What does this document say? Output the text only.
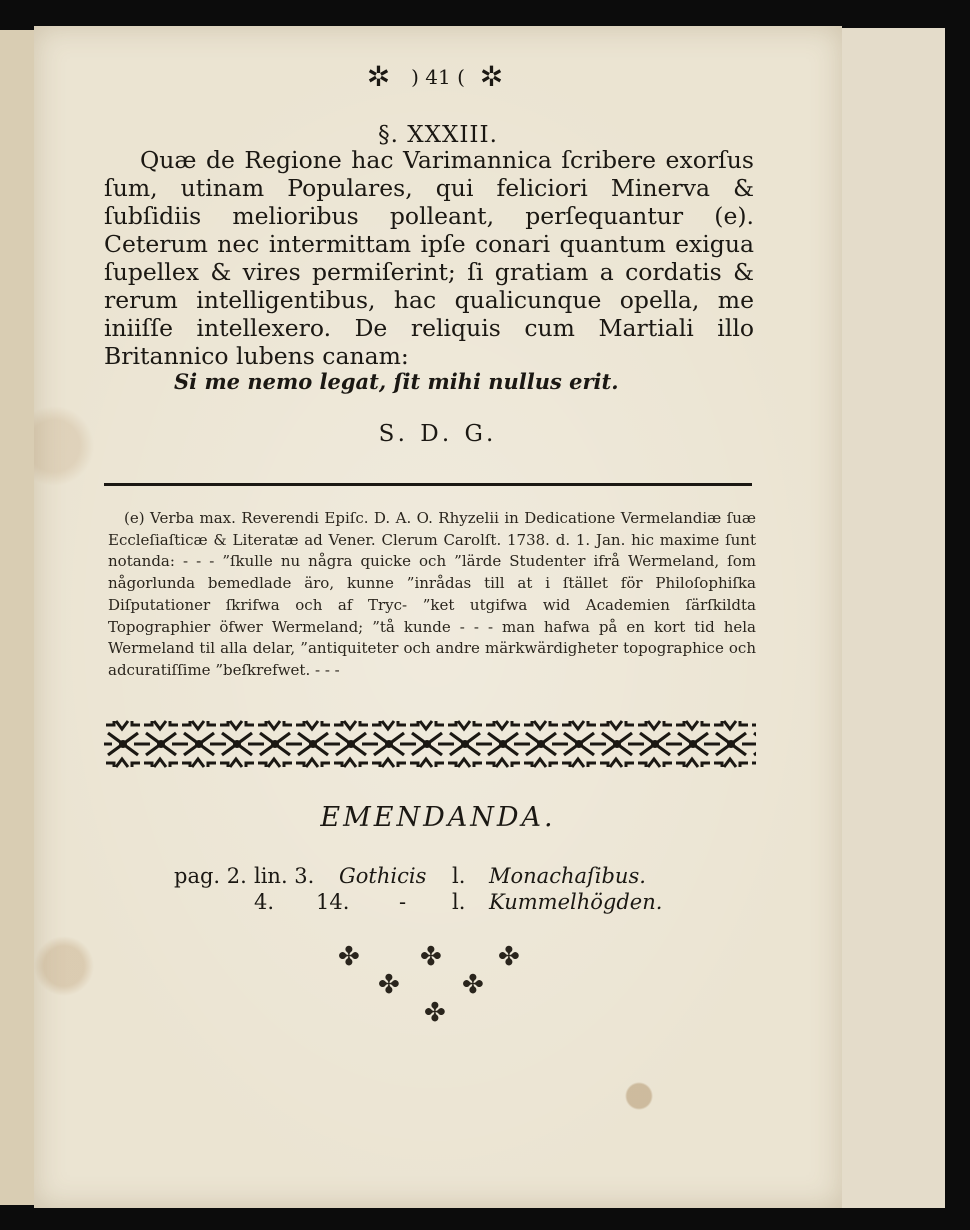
✲ ) 41 ( ✲
§. XXXIII.

Quæ de Regione hac Varimannica ſcribere exorſus ſum, utinam Populares, qui feliciori Minerva & ſubſidiis melioribus polleant, perſequantur (e). Ceterum nec intermittam ipſe conari quantum exigua ſupellex & vires permiſerint; ſi gratiam a cordatis & rerum intelligentibus, hac qualicunque opella, me iniiſſe intellexero. De reliquis cum Martiali illo Britannico lubens canam:

Si me nemo legat, ſit mihi nullus erit.
S. D. G.

(e) Verba max. Reverendi Epiſc. D. A. O. Rhyzelii in Dedicatione Vermelandiæ ſuæ Eccleſiaſticæ & Literatæ ad Vener. Clerum Carolſt. 1738. d. 1. Jan. hic maxime ſunt notanda: - - - ”ſkulle nu några quicke och ”lärde Studenter ifrå Wermeland, ſom någorlunda bemedlade äro, kunne ”inrådas till at i ſtället för Philoſophiſka Diſputationer ſkrifwa och af Tryc- ”ket utgifwa wid Academien ſärſkildta Topographier öfwer Wermeland; ”tå kunde - - - man hafwa på en kort tid hela Wermeland til alla delar, ”antiquiteter och andre märkwärdigheter topographice och adcuratiſſime ”beſkrefwet. - - -

EMENDANDA.
pag. 2. lin. 3. Gothicis l. Monachaſibus.
4. 14. - l. Kummelhögden.
✤ ✤ ✤
✤ ✤
✤
